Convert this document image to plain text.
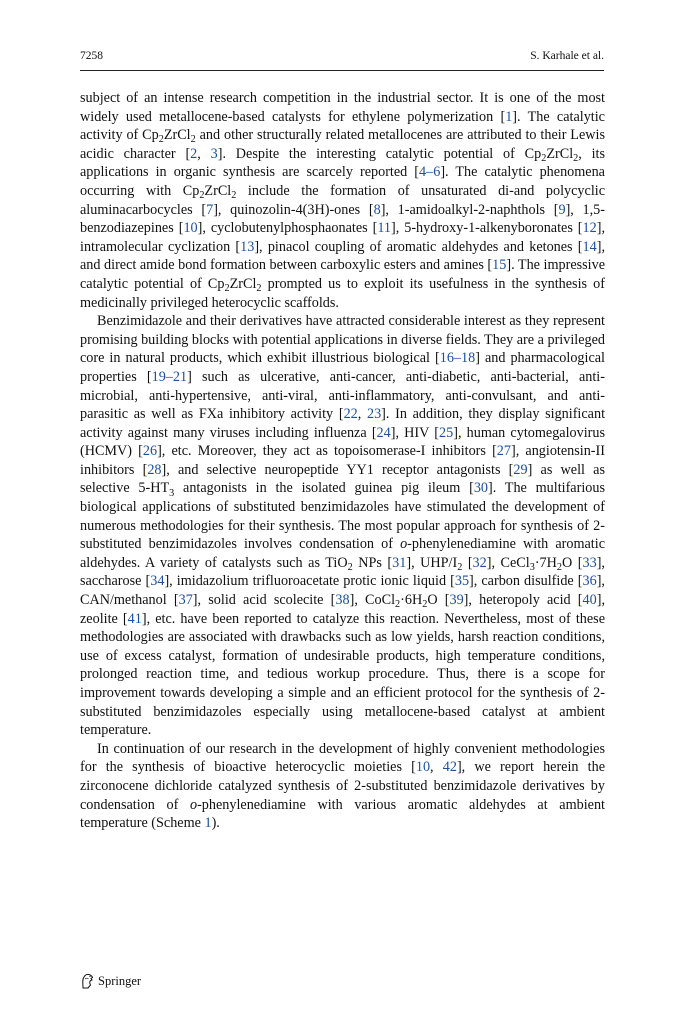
7258	S. Karhale et al.

subject of an intense research competition in the industrial sector. It is one of the most widely used metallocene-based catalysts for ethylene polymerization [1]. The catalytic activity of $Cp_2ZrCl_2$ and other structurally related metallocenes are attributed to their Lewis acidic character [2, 3]. Despite the interesting catalytic potential of $Cp_2ZrCl_2$, its applications in organic synthesis are scarcely reported [4–6]. The catalytic phenomena occurring with $Cp_2ZrCl_2$ include the formation of unsaturated di-and polycyclic aluminacarbocycles [7], quinozolin-4(3H)-ones [8], 1-amidoalkyl-2-naphthols [9], 1,5-benzodiazepines [10], cyclobutenylphosphaonates [11], 5-hydroxy-1-alkenyboronates [12], intramolecular cyclization [13], pinacol coupling of aromatic aldehydes and ketones [14], and direct amide bond formation between carboxylic esters and amines [15]. The impressive catalytic potential of $Cp_2ZrCl_2$ prompted us to exploit its usefulness in the synthesis of medicinally privileged heterocyclic scaffolds.

Benzimidazole and their derivatives have attracted considerable interest as they represent promising building blocks with potential applications in diverse fields. They are a privileged core in natural products, which exhibit illustrious biological [16–18] and pharmacological properties [19–21] such as ulcerative, anti-cancer, anti-diabetic, anti-bacterial, anti-microbial, anti-hypertensive, anti-viral, anti-inflammatory, anti-convulsant, and anti-parasitic as well as FXa inhibitory activity [22, 23]. In addition, they display significant activity against many viruses including influenza [24], HIV [25], human cytomegalovirus (HCMV) [26], etc. Moreover, they act as topoisomerase-I inhibitors [27], angiotensin-II inhibitors [28], and selective neuropeptide YY1 receptor antagonists [29] as well as selective $5-HT_3$ antagonists in the isolated guinea pig ileum [30]. The multifarious biological applications of substituted benzimidazoles have stimulated the development of numerous methodologies for their synthesis. The most popular approach for synthesis of 2-substituted benzimidazoles involves condensation of o-phenylenediamine with aromatic aldehydes. A variety of catalysts such as TiO$_2$ NPs [31], UHP/$I_2$ [32], $CeCl_3\cdot 7H_2O$ [33], saccharose [34], imidazolium trifluoroacetate protic ionic liquid [35], carbon disulfide [36], CAN/methanol [37], solid acid scolecite [38], $CoCl_2\cdot 6H_2O$ [39], heteropoly acid [40], zeolite [41], etc. have been reported to catalyze this reaction. Nevertheless, most of these methodologies are associated with drawbacks such as low yields, harsh reaction conditions, use of excess catalyst, formation of undesirable products, high temperature conditions, prolonged reaction time, and tedious workup procedure. Thus, there is a scope for improvement towards developing a simple and an efficient protocol for the synthesis of 2-substituted benzimidazoles especially using metallocene-based catalyst at ambient temperature.

In continuation of our research in the development of highly convenient methodologies for the synthesis of bioactive heterocyclic moieties [10, 42], we report herein the zirconocene dichloride catalyzed synthesis of 2-substituted benzimidazole derivatives by condensation of o-phenylenediamine with various aromatic aldehydes at ambient temperature (Scheme 1).

Springer
